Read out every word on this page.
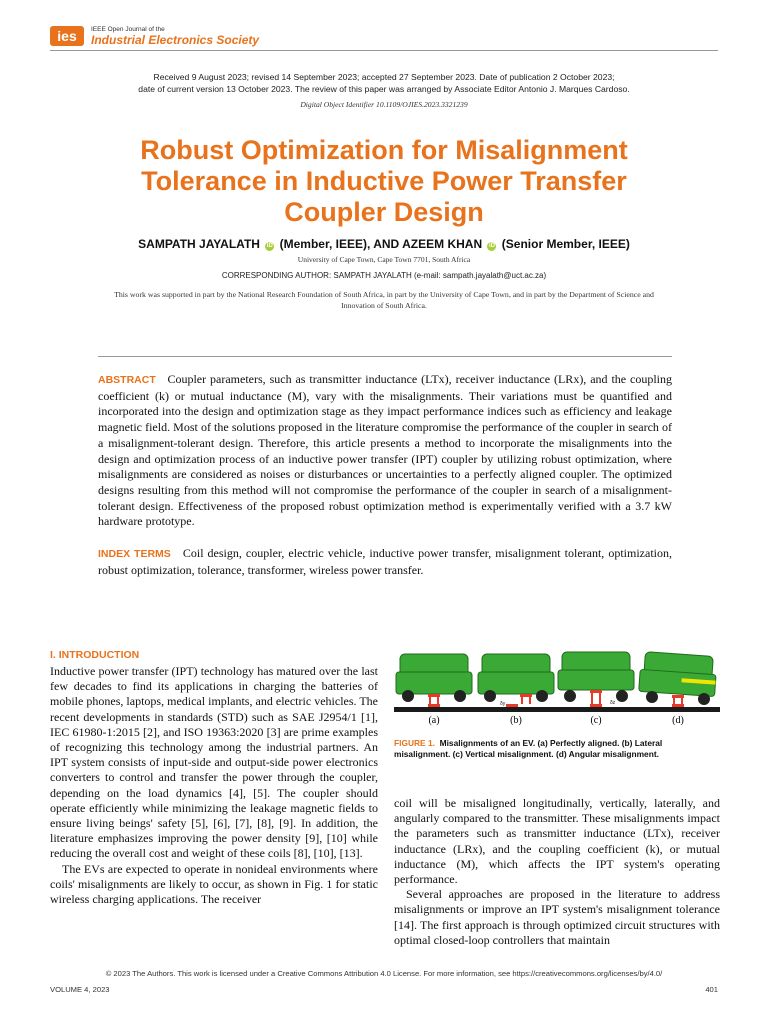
ies IEEE Open Journal of the
Industrial Electronics Society
Received 9 August 2023; revised 14 September 2023; accepted 27 September 2023. Date of publication 2 October 2023;
date of current version 13 October 2023. The review of this paper was arranged by Associate Editor Antonio J. Marques Cardoso.
Digital Object Identifier 10.1109/OJIES.2023.3321239
Robust Optimization for Misalignment
Tolerance in Inductive Power Transfer
Coupler Design
SAMPATH JAYALATH iD (Member, IEEE), AND AZEEM KHAN iD (Senior Member, IEEE)
University of Cape Town, Cape Town 7701, South Africa
CORRESPONDING AUTHOR: SAMPATH JAYALATH (e-mail: sampath.jayalath@uct.ac.za)
This work was supported in part by the National Research Foundation of South Africa, in part by the University of Cape Town, and in part by the Department of Science and Innovation of South Africa.
ABSTRACT Coupler parameters, such as transmitter inductance (LTx), receiver inductance (LRx), and the coupling coefficient (k) or mutual inductance (M), vary with the misalignments. Their variations must be quantified and incorporated into the design and optimization stage as they impact performance indices such as efficiency and leakage magnetic field. Most of the solutions proposed in the literature compromise the performance of the coupler in search of a misalignment-tolerant design. Therefore, this article presents a method to incorporate the misalignments into the design and optimization process of an inductive power transfer (IPT) coupler by utilizing robust optimization, where misalignments are considered as noises or disturbances or uncertainties to a perfectly aligned coupler. The optimized designs resulting from this method will not compromise the performance of the coupler in search of a misalignment-tolerant design. Effectiveness of the proposed robust optimization method is experimentally verified with a 3.7 kW hardware prototype.
INDEX TERMS Coil design, coupler, electric vehicle, inductive power transfer, misalignment tolerant, optimization, robust optimization, tolerance, transformer, wireless power transfer.
I. INTRODUCTION

Inductive power transfer (IPT) technology has matured over the last few decades to find its applications in charging the batteries of mobile phones, laptops, medical implants, and electric vehicles. The recent developments in standards (STD) such as SAE J2954/1 [1], IEC 61980-1:2015 [2], and ISO 19363:2020 [3] are prime examples of recognizing this technology among the industrial partners. An IPT system consists of input-side and output-side power electronics converters to control and transfer the power through the coupler, depending on the load dynamics [4], [5]. The coupler should operate efficiently while minimizing the leakage magnetic fields to ensure living beings' safety [5], [6], [7], [8], [9]. In addition, the literature emphasizes improving the power density [9], [10] while reducing the overall cost and weight of these coils [8], [10], [13].

The EVs are expected to operate in nonideal environments where coils' misalignments are likely to occur, as shown in Fig. 1 for static wireless charging applications. The receiver

δy	δz
(a)	(b)	(c)	(d)
FIGURE 1. Misalignments of an EV. (a) Perfectly aligned. (b) Lateral misalignment. (c) Vertical misalignment. (d) Angular misalignment.

coil will be misaligned longitudinally, vertically, laterally, and angularly compared to the transmitter. These misalignments impact the parameters such as transmitter inductance (LTx), receiver inductance (LRx), and the coupling coefficient (k), or mutual inductance (M), which affects the IPT system's operating performance.

Several approaches are proposed in the literature to address misalignments or improve an IPT system's misalignment tolerance [14]. The first approach is through optimized circuit structures with optimal closed-loop controllers that maintain

© 2023 The Authors. This work is licensed under a Creative Commons Attribution 4.0 License. For more information, see https://creativecommons.org/licenses/by/4.0/
VOLUME 4, 2023	401
